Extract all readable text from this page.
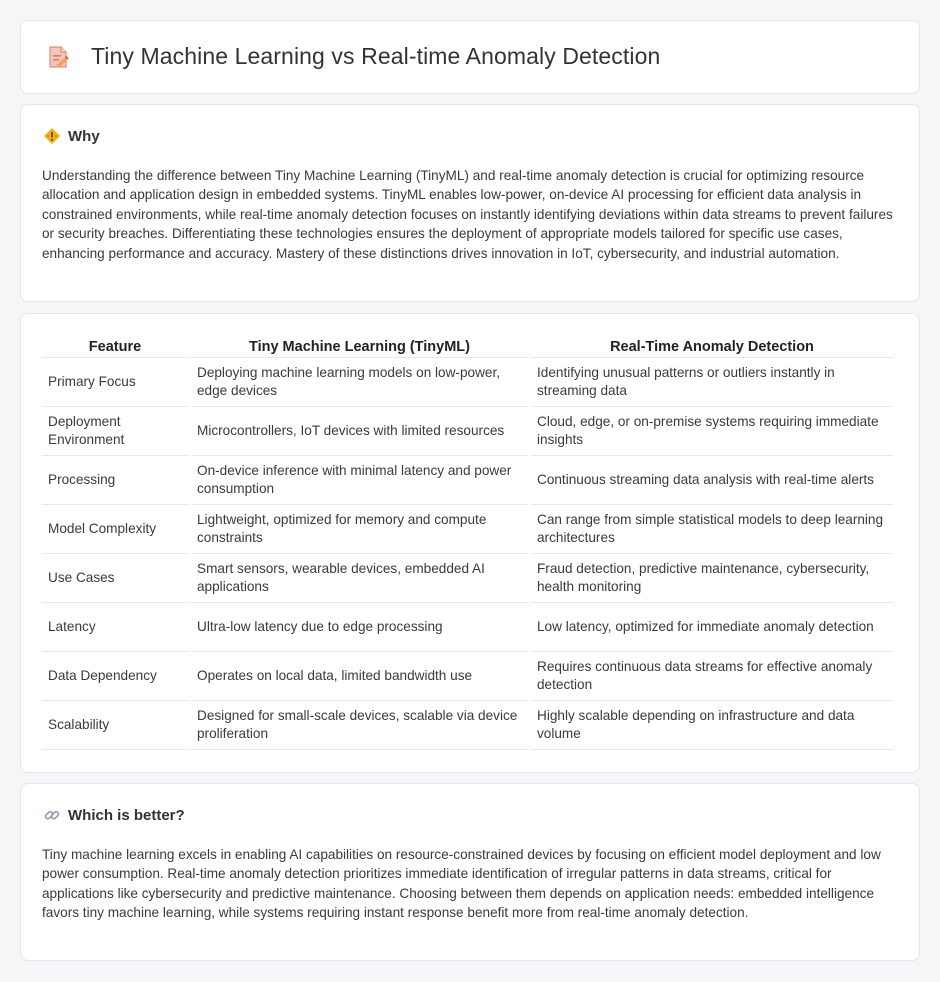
Tiny Machine Learning vs Real-time Anomaly Detection
Why

Understanding the difference between Tiny Machine Learning (TinyML) and real-time anomaly detection is crucial for optimizing resource allocation and application design in embedded systems. TinyML enables low-power, on-device AI processing for efficient data analysis in constrained environments, while real-time anomaly detection focuses on instantly identifying deviations within data streams to prevent failures or security breaches. Differentiating these technologies ensures the deployment of appropriate models tailored for specific use cases, enhancing performance and accuracy. Mastery of these distinctions drives innovation in IoT, cybersecurity, and industrial automation.

Feature	Tiny Machine Learning (TinyML)	Real-Time Anomaly Detection
Primary Focus	Deploying machine learning models on low-power, edge devices	Identifying unusual patterns or outliers instantly in streaming data
Deployment Environment	Microcontrollers, IoT devices with limited resources	Cloud, edge, or on-premise systems requiring immediate insights
Processing	On-device inference with minimal latency and power consumption	Continuous streaming data analysis with real-time alerts
Model Complexity	Lightweight, optimized for memory and compute constraints	Can range from simple statistical models to deep learning architectures
Use Cases	Smart sensors, wearable devices, embedded AI applications	Fraud detection, predictive maintenance, cybersecurity, health monitoring
Latency	Ultra-low latency due to edge processing	Low latency, optimized for immediate anomaly detection
Data Dependency	Operates on local data, limited bandwidth use	Requires continuous data streams for effective anomaly detection
Scalability	Designed for small-scale devices, scalable via device proliferation	Highly scalable depending on infrastructure and data volume
Which is better?

Tiny machine learning excels in enabling AI capabilities on resource-constrained devices by focusing on efficient model deployment and low power consumption. Real-time anomaly detection prioritizes immediate identification of irregular patterns in data streams, critical for applications like cybersecurity and predictive maintenance. Choosing between them depends on application needs: embedded intelligence favors tiny machine learning, while systems requiring instant response benefit more from real-time anomaly detection.
